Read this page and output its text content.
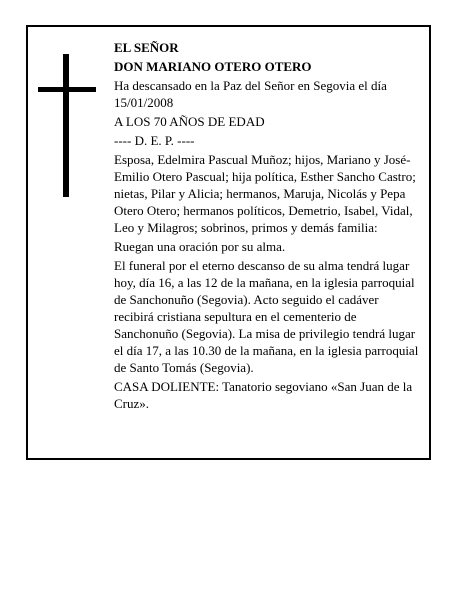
EL SEÑOR

DON MARIANO OTERO OTERO

Ha descansado en la Paz del Señor en Segovia el día 15/01/2008

A LOS 70 AÑOS DE EDAD

---- D. E. P. ----

Esposa, Edelmira Pascual Muñoz; hijos, Mariano y José-Emilio Otero Pascual; hija política, Esther Sancho Castro; nietas, Pilar y Alicia; hermanos, Maruja, Nicolás y Pepa Otero Otero; hermanos políticos, Demetrio, Isabel, Vidal, Leo y Milagros; sobrinos, primos y demás familia:

Ruegan una oración por su alma.

El funeral por el eterno descanso de su alma tendrá lugar hoy, día 16, a las 12 de la mañana, en la iglesia parroquial de Sanchonuño (Segovia). Acto seguido el cadáver recibirá cristiana sepultura en el cementerio de Sanchonuño (Segovia). La misa de privilegio tendrá lugar el día 17, a las 10.30 de la mañana, en la iglesia parroquial de Santo Tomás (Segovia).

CASA DOLIENTE: Tanatorio segoviano «San Juan de la Cruz».
